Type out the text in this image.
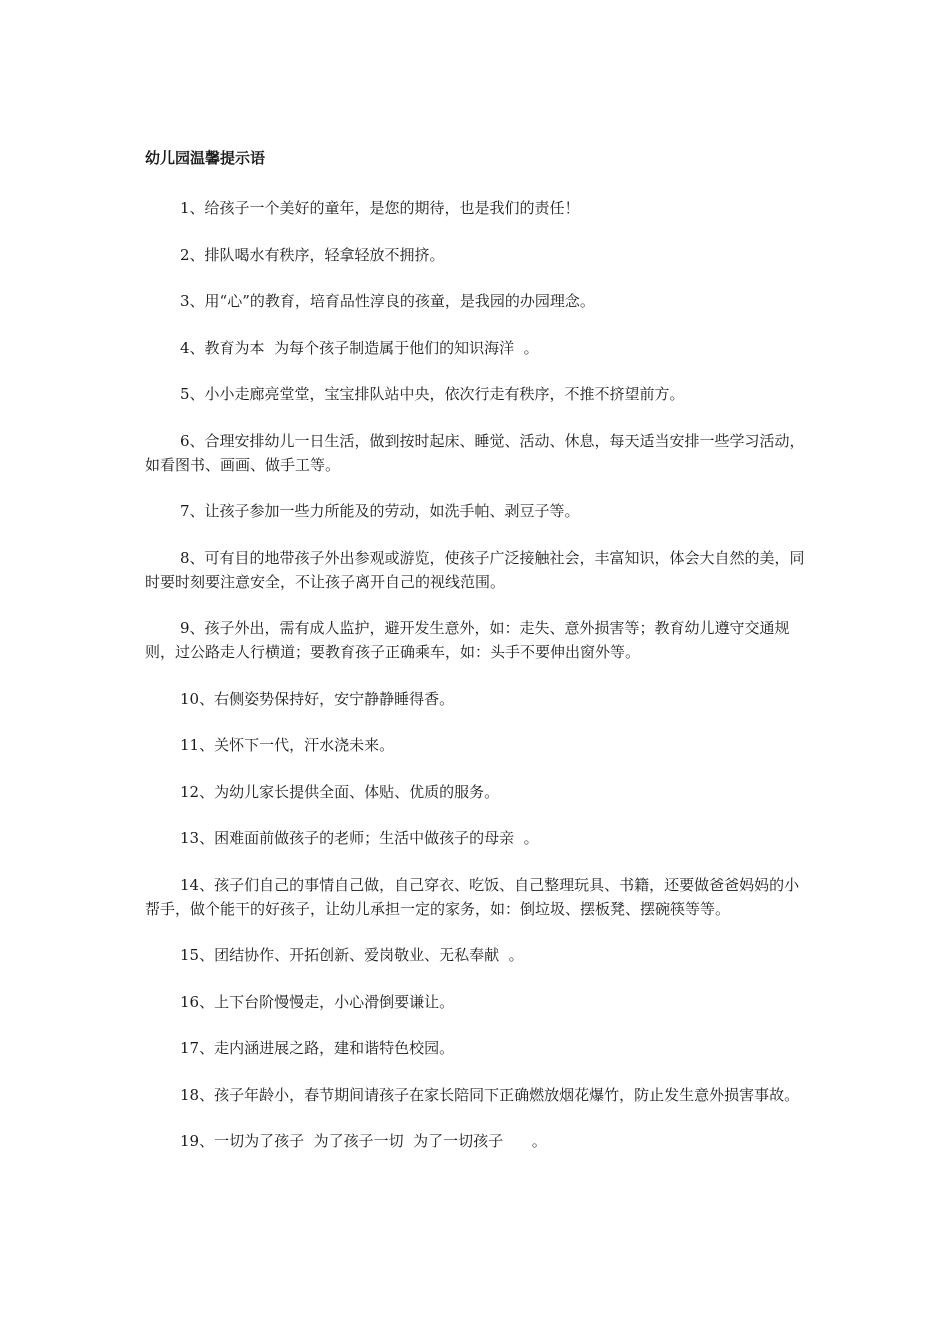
幼儿园温馨提示语
1、给孩子一个美好的童年，是您的期待，也是我们的责任！
2、排队喝水有秩序，轻拿轻放不拥挤。
3、用“心”的教育，培育品性淳良的孩童，是我园的办园理念。
4、教育为本  为每个孩子制造属于他们的知识海洋  。
5、小小走廊亮堂堂，宝宝排队站中央，依次行走有秩序，不推不挤望前方。
6、合理安排幼儿一日生活，做到按时起床、睡觉、活动、休息，每天适当安排一些学习活动，如看图书、画画、做手工等。
7、让孩子参加一些力所能及的劳动，如洗手帕、剥豆子等。
8、可有目的地带孩子外出参观或游览，使孩子广泛接触社会，丰富知识，体会大自然的美，同时要时刻要注意安全，不让孩子离开自己的视线范围。
9、孩子外出，需有成人监护，避开发生意外，如：走失、意外损害等；教育幼儿遵守交通规则，过公路走人行横道；要教育孩子正确乘车，如：头手不要伸出窗外等。
10、右侧姿势保持好，安宁静静睡得香。
11、关怀下一代，汗水浇未来。
12、为幼儿家长提供全面、体贴、优质的服务。
13、困难面前做孩子的老师；生活中做孩子的母亲  。
14、孩子们自己的事情自己做，自己穿衣、吃饭、自己整理玩具、书籍，还要做爸爸妈妈的小帮手，做个能干的好孩子，让幼儿承担一定的家务，如：倒垃圾、摆板凳、摆碗筷等等。
15、团结协作、开拓创新、爱岗敬业、无私奉献  。
16、上下台阶慢慢走，小心滑倒要谦让。
17、走内涵进展之路，建和谐特色校园。
18、孩子年龄小，春节期间请孩子在家长陪同下正确燃放烟花爆竹，防止发生意外损害事故。
19、一切为了孩子  为了孩子一切  为了一切孩子      。
